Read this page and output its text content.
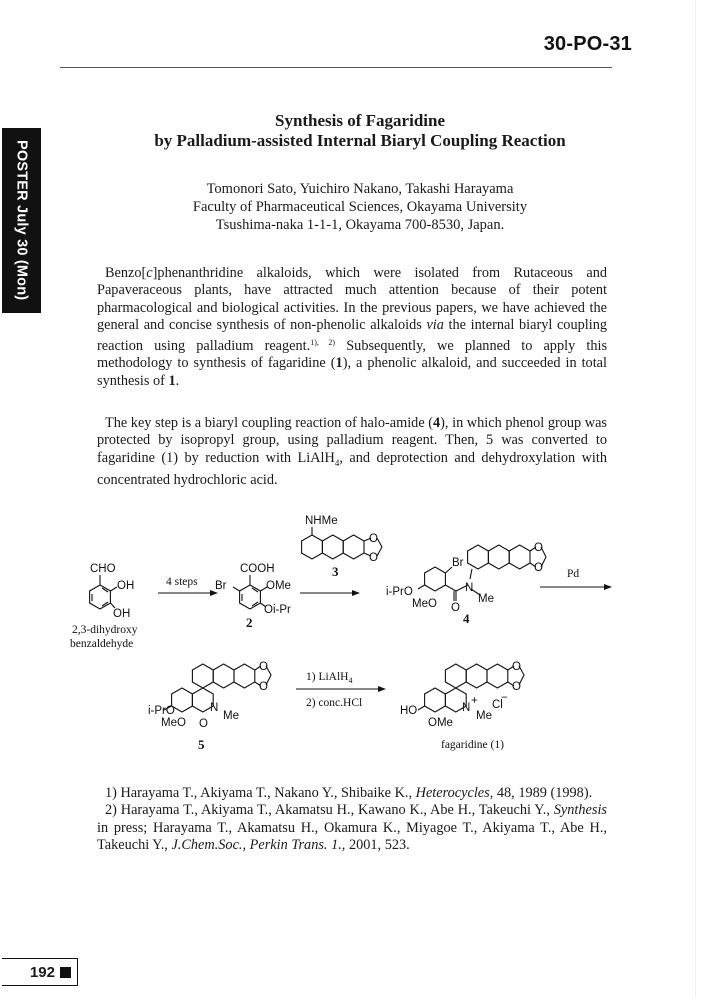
30-PO-31
POSTER July 30 (Mon)
Synthesis of Fagaridine
by Palladium-assisted Internal Biaryl Coupling Reaction
Tomonori Sato, Yuichiro Nakano, Takashi Harayama
Faculty of Pharmaceutical Sciences, Okayama University
Tsushima-naka 1-1-1, Okayama 700-8530, Japan.
Benzo[c]phenanthridine alkaloids, which were isolated from Rutaceous and Papaveraceous plants, have attracted much attention because of their potent pharmacological and biological activities. In the previous papers, we have achieved the general and concise synthesis of non-phenolic alkaloids via the internal biaryl coupling reaction using palladium reagent.$^{1), 2)}$ Subsequently, we planned to apply this methodology to synthesis of fagaridine (1), a phenolic alkaloid, and succeeded in total synthesis of 1.
The key step is a biaryl coupling reaction of halo-amide (4), in which phenol group was protected by isopropyl group, using palladium reagent. Then, 5 was converted to fagaridine (1) by reduction with LiAlH$_4$, and deprotection and dehydroxylation with concentrated hydrochloric acid.
CHO
OH
OH
2,3-dihydroxy
benzaldehyde
4 steps
COOH
Br	OMe
Oi-Pr
2
NHMe
O
O
3
Br
i-PrO
MeO O
N
Me
O
O
4
Pd
i-PrO
MeO O
N
Me
O
O
5
1) LiAlH$_4$
2) conc.HCl
HO
OMe
N
+
Me
Cl
−
O
O
fagaridine (1)

1) Harayama T., Akiyama T., Nakano Y., Shibaike K., Heterocycles, 48, 1989 (1998).

2) Harayama T., Akiyama T., Akamatsu H., Kawano K., Abe H., Takeuchi Y., Synthesis in press; Harayama T., Akamatsu H., Okamura K., Miyagoe T., Akiyama T., Abe H., Takeuchi Y., J.Chem.Soc., Perkin Trans. 1., 2001, 523.

192
